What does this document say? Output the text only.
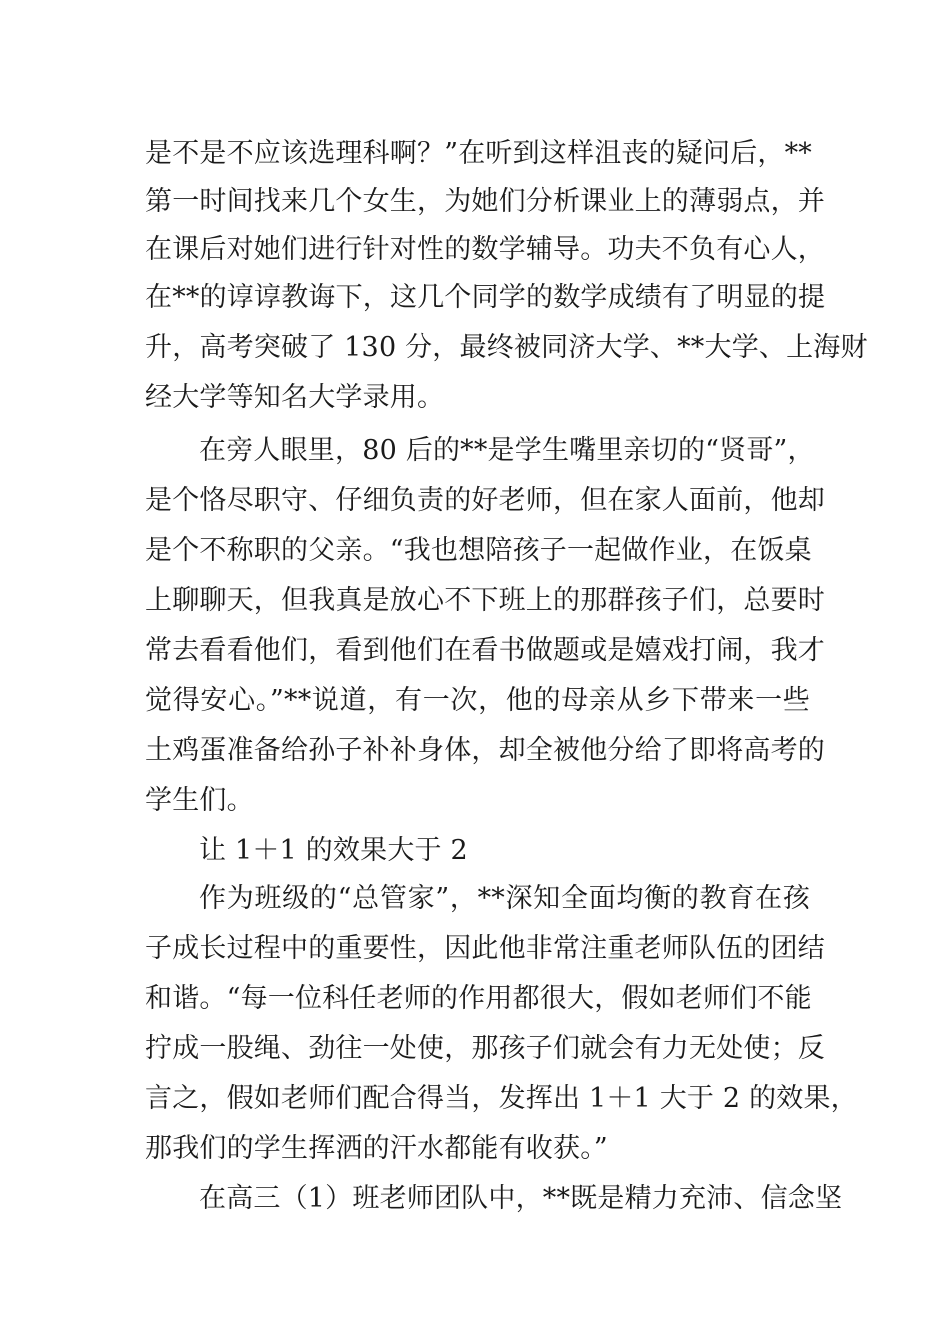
是不是不应该选理科啊？”在听到这样沮丧的疑问后，**
第一时间找来几个女生，为她们分析课业上的薄弱点，并
在课后对她们进行针对性的数学辅导。功夫不负有心人，
在**的谆谆教诲下，这几个同学的数学成绩有了明显的提
升，高考突破了 130 分，最终被同济大学、**大学、上海财
经大学等知名大学录用。
在旁人眼里，80 后的**是学生嘴里亲切的“贤哥”，
是个恪尽职守、仔细负责的好老师，但在家人面前，他却
是个不称职的父亲。“我也想陪孩子一起做作业，在饭桌
上聊聊天，但我真是放心不下班上的那群孩子们，总要时
常去看看他们，看到他们在看书做题或是嬉戏打闹，我才
觉得安心。”**说道，有一次，他的母亲从乡下带来一些
土鸡蛋准备给孙子补补身体，却全被他分给了即将高考的
学生们。
让 1＋1 的效果大于 2
作为班级的“总管家”，**深知全面均衡的教育在孩
子成长过程中的重要性，因此他非常注重老师队伍的团结
和谐。“每一位科任老师的作用都很大，假如老师们不能
拧成一股绳、劲往一处使，那孩子们就会有力无处使；反
言之，假如老师们配合得当，发挥出 1＋1 大于 2 的效果，
那我们的学生挥洒的汗水都能有收获。”
在高三（1）班老师团队中，**既是精力充沛、信念坚
